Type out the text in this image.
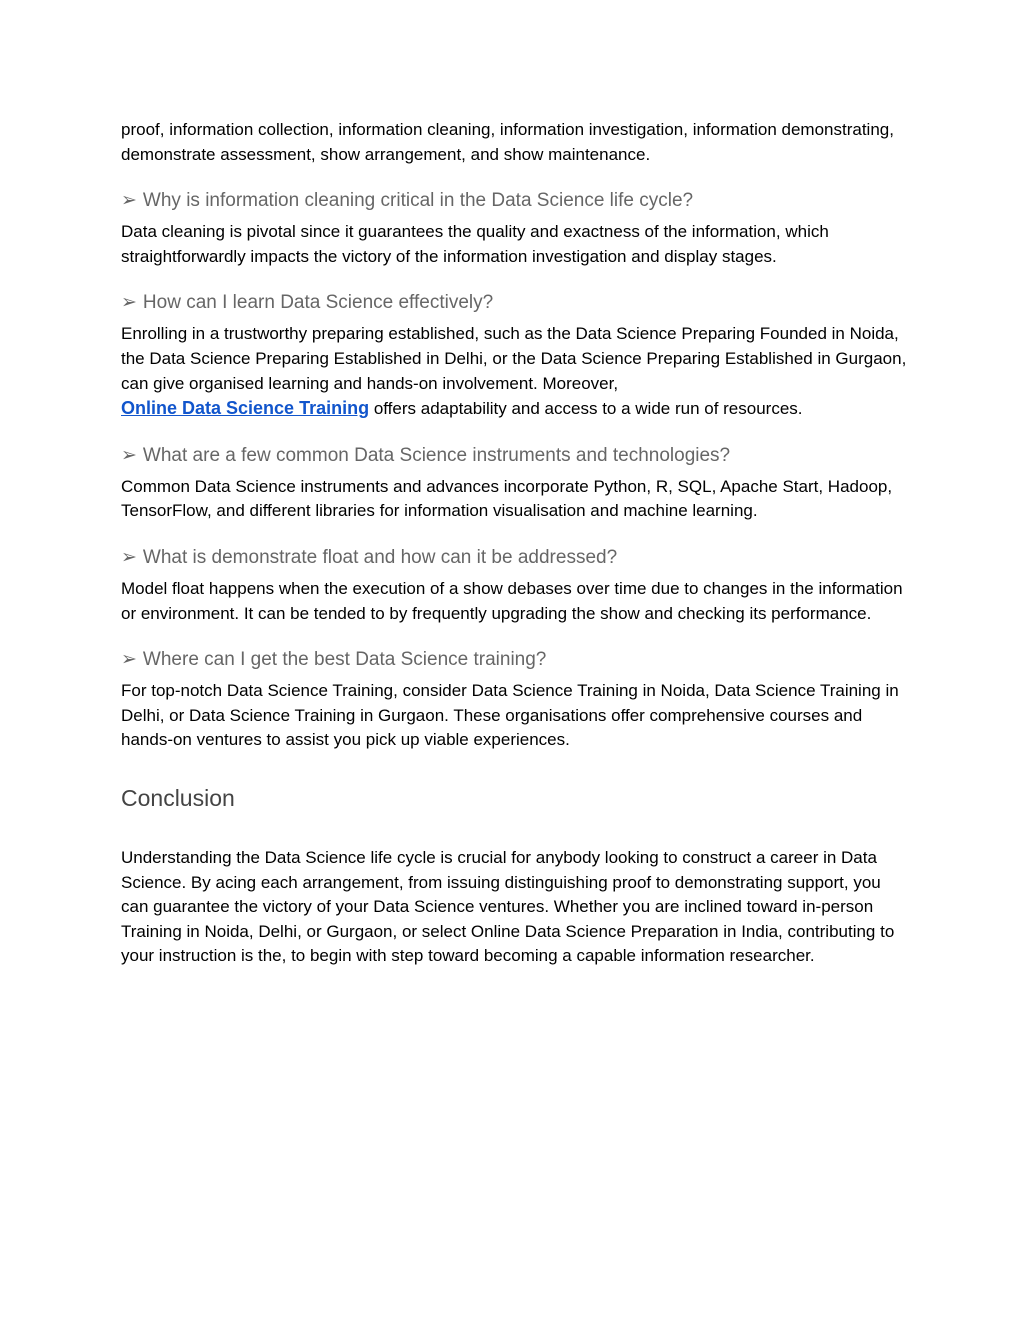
proof, information collection, information cleaning, information investigation, information demonstrating, demonstrate assessment, show arrangement, and show maintenance.

➢ Why is information cleaning critical in the Data Science life cycle?

Data cleaning is pivotal since it guarantees the quality and exactness of the information, which straightforwardly impacts the victory of the information investigation and display stages.

➢ How can I learn Data Science effectively?

Enrolling in a trustworthy preparing established, such as the Data Science Preparing Founded in Noida, the Data Science Preparing Established in Delhi, or the Data Science Preparing Established in Gurgaon, can give organised learning and hands-on involvement. Moreover,
Online Data Science Training offers adaptability and access to a wide run of resources.

➢ What are a few common Data Science instruments and technologies?

Common Data Science instruments and advances incorporate Python, R, SQL, Apache Start, Hadoop, TensorFlow, and different libraries for information visualisation and machine learning.

➢ What is demonstrate float and how can it be addressed?

Model float happens when the execution of a show debases over time due to changes in the information or environment. It can be tended to by frequently upgrading the show and checking its performance.

➢ Where can I get the best Data Science training?

For top-notch Data Science Training, consider Data Science Training in Noida, Data Science Training in Delhi, or Data Science Training in Gurgaon. These organisations offer comprehensive courses and hands-on ventures to assist you pick up viable experiences.

Conclusion

Understanding the Data Science life cycle is crucial for anybody looking to construct a career in Data Science. By acing each arrangement, from issuing distinguishing proof to demonstrating support, you can guarantee the victory of your Data Science ventures. Whether you are inclined toward in-person Training in Noida, Delhi, or Gurgaon, or select Online Data Science Preparation in India, contributing to your instruction is the, to begin with step toward becoming a capable information researcher.
